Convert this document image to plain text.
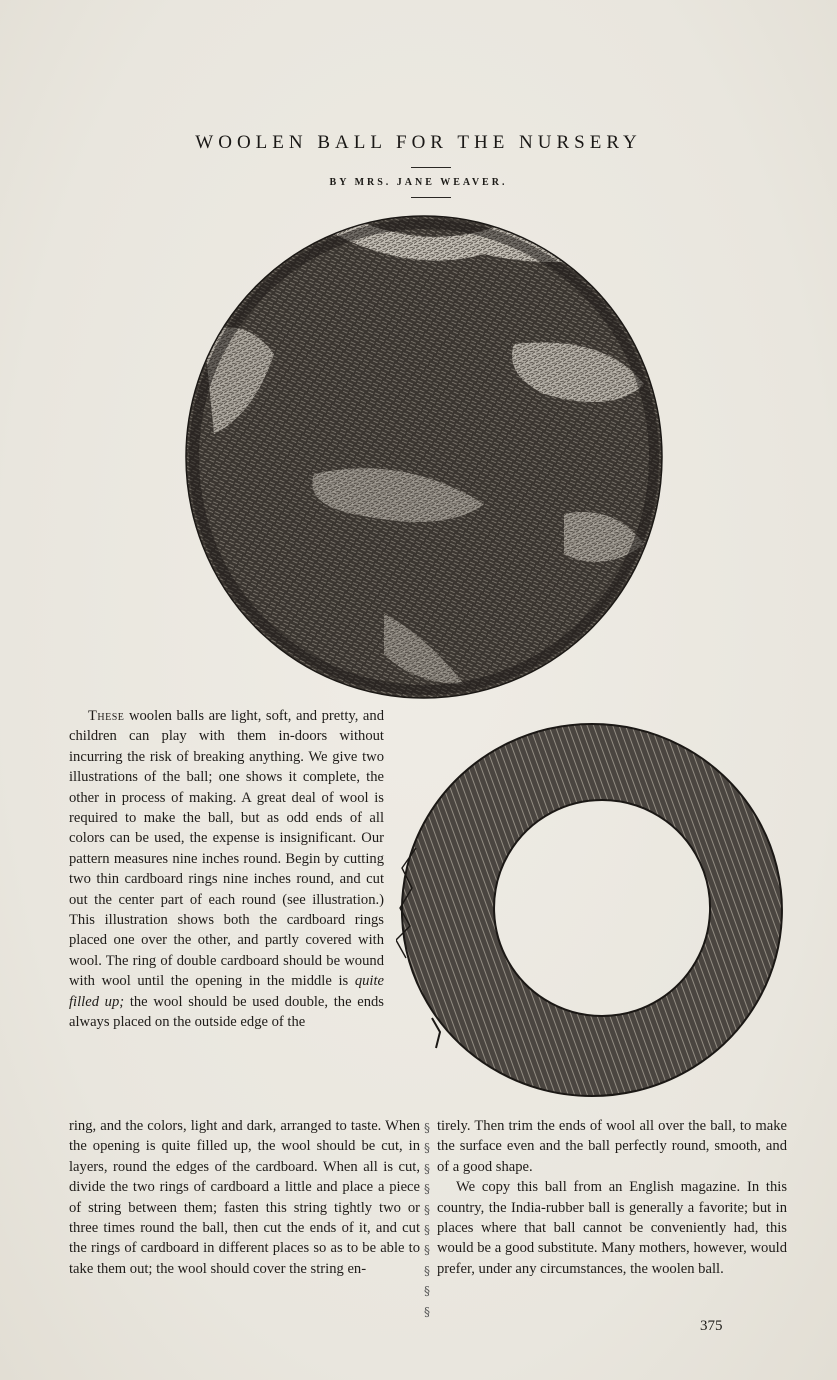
WOOLEN BALL FOR THE NURSERY
BY MRS. JANE WEAVER.

These woolen balls are light, soft, and pretty, and children can play with them in-doors without incurring the risk of breaking anything. We give two illustrations of the ball; one shows it complete, the other in process of making. A great deal of wool is required to make the ball, but as odd ends of all colors can be used, the expense is insignificant. Our pattern measures nine inches round. Begin by cutting two thin cardboard rings nine inches round, and cut out the center part of each round (see illustration.) This illustration shows both the cardboard rings placed one over the other, and partly covered with wool. The ring of double cardboard should be wound with wool until the opening in the middle is quite filled up; the wool should be used double, the ends always placed on the outside edge of the

ring, and the colors, light and dark, arranged to taste. When the opening is quite filled up, the wool should be cut, in layers, round the edges of the cardboard. When all is cut, divide the two rings of cardboard a little and place a piece of string between them; fasten this string tightly two or three times round the ball, then cut the ends of it, and cut the rings of cardboard in different places so as to be able to take them out; the wool should cover the string en-

§
§
§
§
§
§
§
§
§
§

tirely. Then trim the ends of wool all over the ball, to make the surface even and the ball perfectly round, smooth, and of a good shape.

We copy this ball from an English magazine. In this country, the India-rubber ball is generally a favorite; but in places where that ball cannot be conveniently had, this would be a good substitute. Many mothers, however, would prefer, under any circumstances, the woolen ball.

375
